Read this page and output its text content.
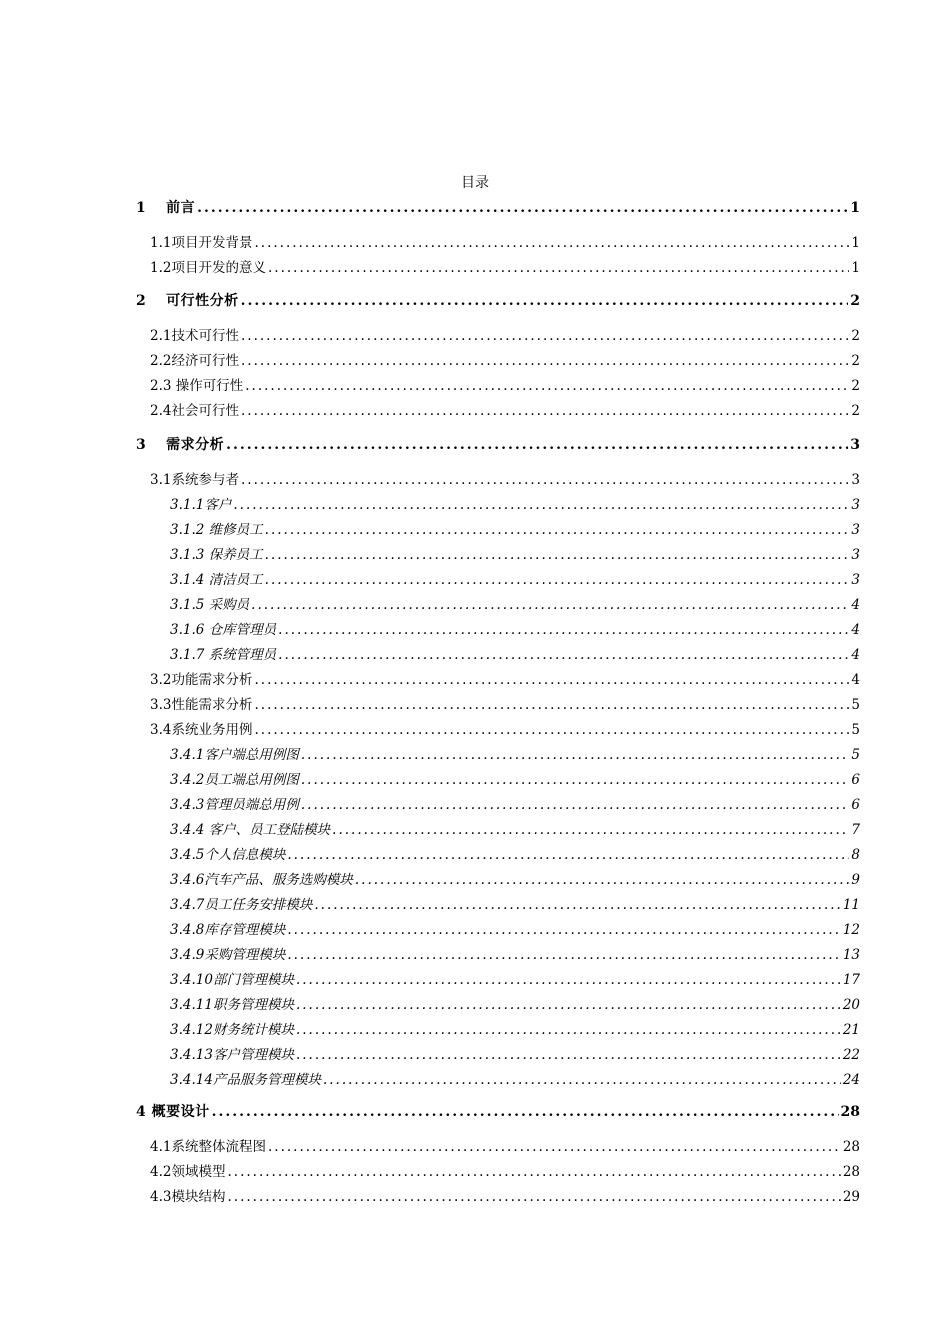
目录
1　 前言 .....	1
1.1项目开发背景 .....	1
1.2项目开发的意义 .....	1
2　 可行性分析 .....	2
2.1技术可行性 .....	2
2.2经济可行性 .....	2
2.3 操作可行性 .....	2
2.4社会可行性 .....	2
3　 需求分析 .....	3
3.1系统参与者 .....	3
3.1.1客户 .....	3
3.1.2 维修员工 .....	3
3.1.3 保养员工 .....	3
3.1.4 清洁员工 .....	3
3.1.5 采购员 .....	4
3.1.6 仓库管理员 .....	4
3.1.7 系统管理员 .....	4
3.2功能需求分析 .....	4
3.3性能需求分析 .....	5
3.4系统业务用例 .....	5
3.4.1客户端总用例图 .....	5
3.4.2员工端总用例图 .....	6
3.4.3管理员端总用例 .....	6
3.4.4 客户、员工登陆模块 .....	7
3.4.5个人信息模块 .....	8
3.4.6汽车产品、服务选购模块 .....	9
3.4.7员工任务安排模块 .....	11
3.4.8库存管理模块 .....	12
3.4.9采购管理模块 .....	13
3.4.10部门管理模块 .....	17
3.4.11职务管理模块 .....	20
3.4.12财务统计模块 .....	21
3.4.13客户管理模块 .....	22
3.4.14产品服务管理模块 .....	24
4 概要设计 .....	28
4.1系统整体流程图 .....	28
4.2领域模型 .....	28
4.3模块结构 .....	29
